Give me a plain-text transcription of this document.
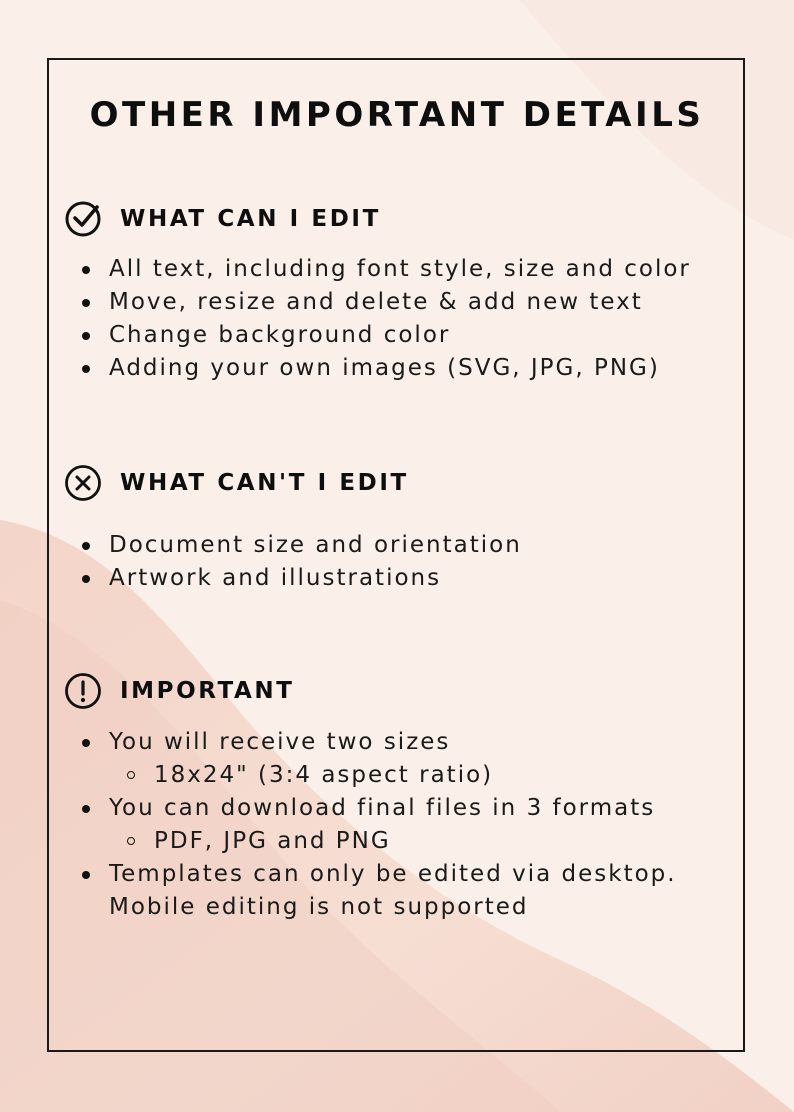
OTHER IMPORTANT DETAILS
WHAT CAN I EDIT
All text, including font style, size and color
Move, resize and delete & add new text
Change background color
Adding your own images (SVG, JPG, PNG)
WHAT CAN'T I EDIT
Document size and orientation
Artwork and illustrations
IMPORTANT
You will receive two sizes
18x24" (3:4 aspect ratio)
You can download final files in 3 formats
PDF, JPG and PNG
Templates can only be edited via desktop. Mobile editing is not supported
